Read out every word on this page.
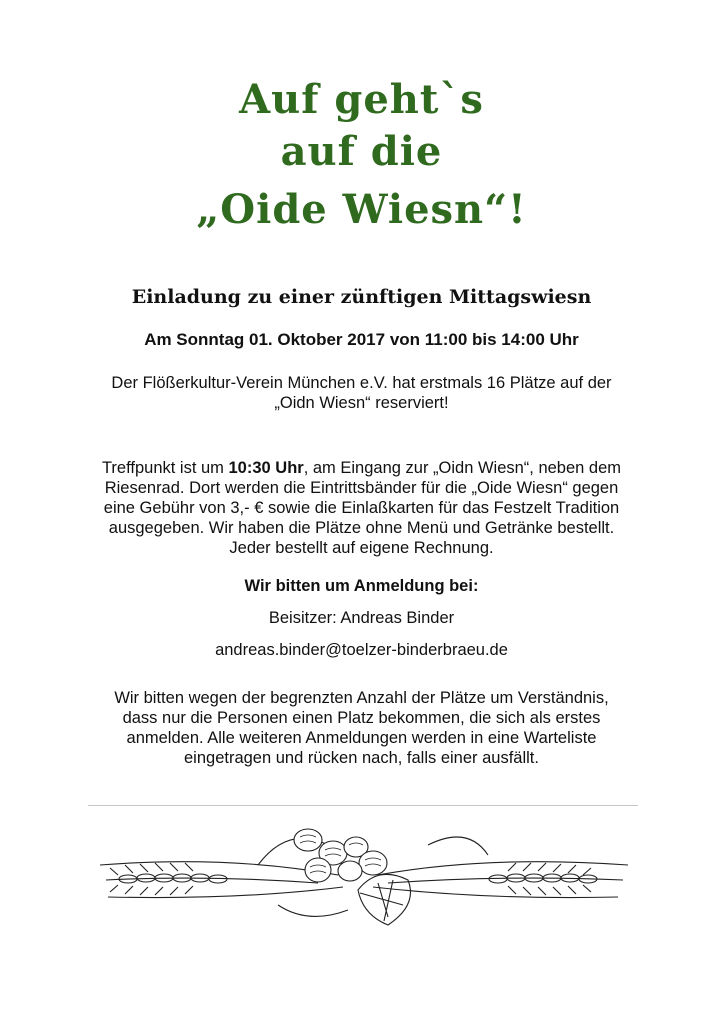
Auf geht`s
auf die
„Oide Wiesn“!
Einladung zu einer zünftigen Mittagswiesn
Am Sonntag 01. Oktober 2017 von 11:00 bis 14:00 Uhr
Der Flößerkultur-Verein München e.V. hat erstmals 16 Plätze auf der
„Oidn Wiesn“ reserviert!
Treffpunkt ist um 10:30 Uhr, am Eingang zur „Oidn Wiesn“, neben dem
Riesenrad. Dort werden die Eintrittsbänder für die „Oide Wiesn“ gegen
eine Gebühr von 3,- € sowie die Einlaßkarten für das Festzelt Tradition
ausgegeben. Wir haben die Plätze ohne Menü und Getränke bestellt.
Jeder bestellt auf eigene Rechnung.
Wir bitten um Anmeldung bei:
Beisitzer: Andreas Binder
andreas.binder@toelzer-binderbraeu.de
Wir bitten wegen der begrenzten Anzahl der Plätze um Verständnis,
dass nur die Personen einen Platz bekommen, die sich als erstes
anmelden. Alle weiteren Anmeldungen werden in eine Warteliste
eingetragen und rücken nach, falls einer ausfällt.
